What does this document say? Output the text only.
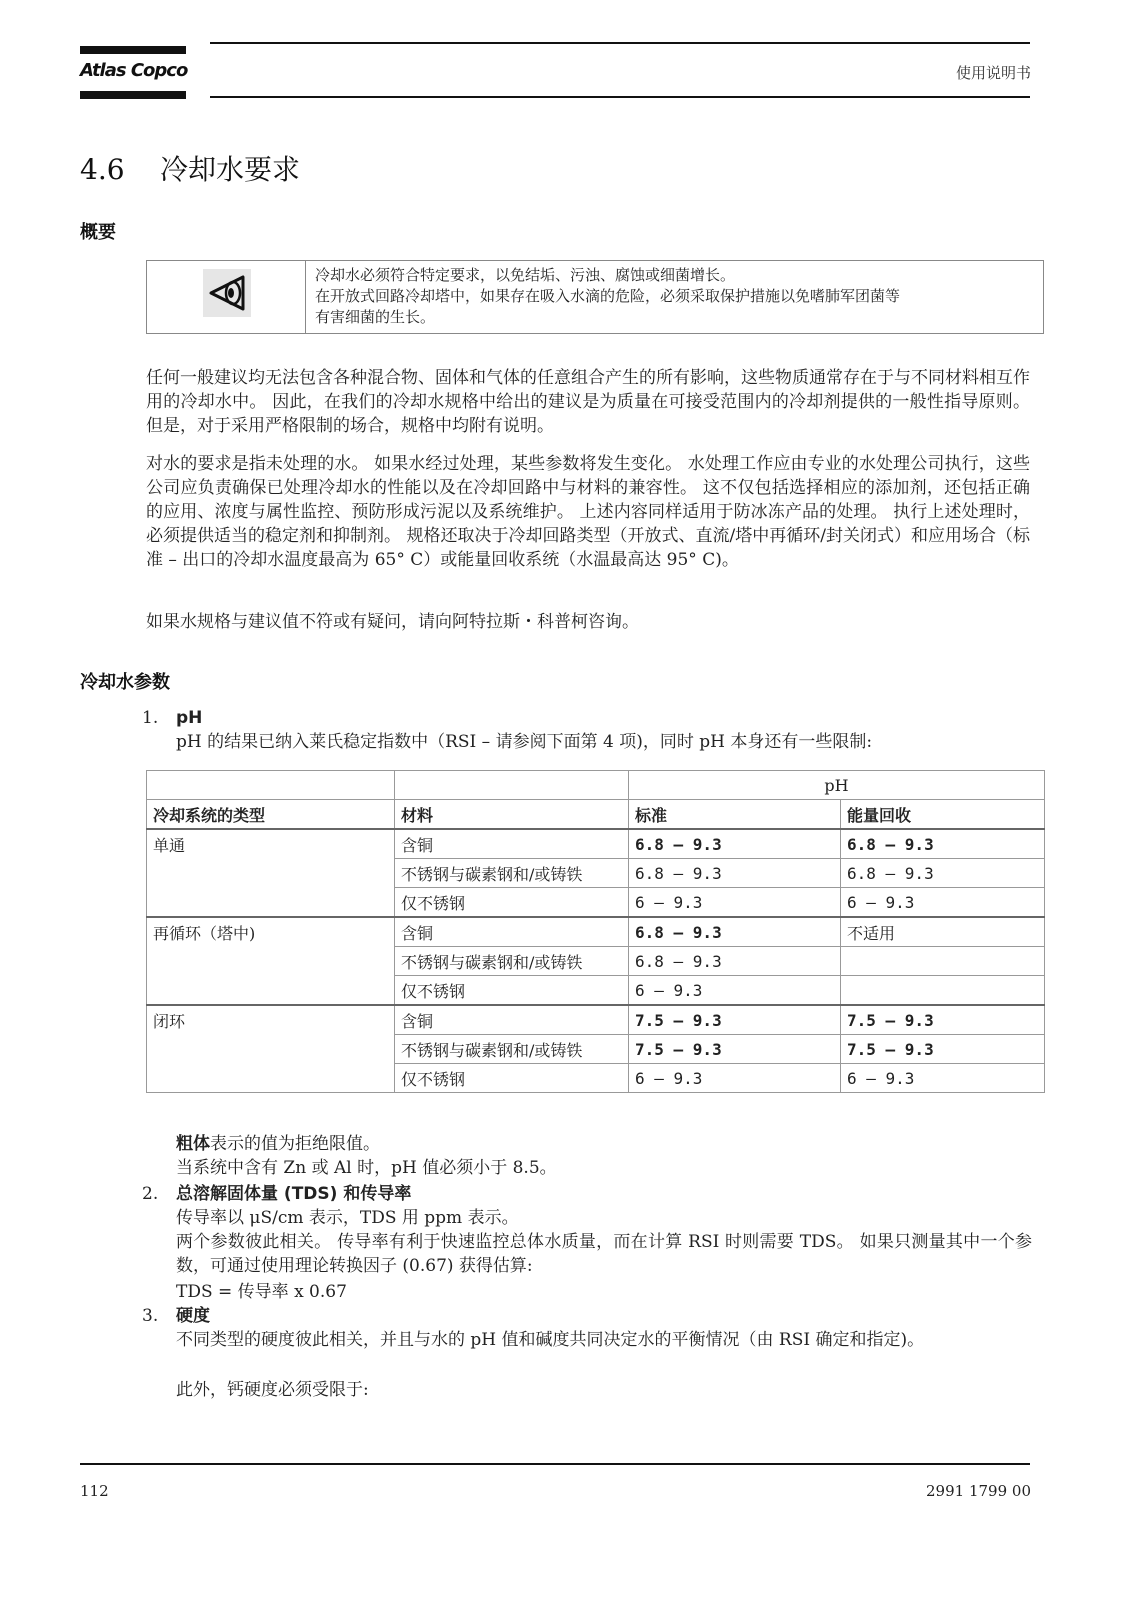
Atlas Copco	使用说明书
4.6 冷却水要求
概要
冷却水必须符合特定要求，以免结垢、污浊、腐蚀或细菌增长。
在开放式回路冷却塔中，如果存在吸入水滴的危险，必须采取保护措施以免嗜肺军团菌等
有害细菌的生长。

任何一般建议均无法包含各种混合物、固体和气体的任意组合产生的所有影响，这些物质通常存在于与不同材料相互作用的冷却水中。 因此，在我们的冷却水规格中给出的建议是为质量在可接受范围内的冷却剂提供的一般性指导原则。 但是，对于采用严格限制的场合，规格中均附有说明。

对水的要求是指未处理的水。 如果水经过处理，某些参数将发生变化。 水处理工作应由专业的水处理公司执行，这些公司应负责确保已处理冷却水的性能以及在冷却回路中与材料的兼容性。 这不仅包括选择相应的添加剂，还包括正确的应用、浓度与属性监控、预防形成污泥以及系统维护。 上述内容同样适用于防冰冻产品的处理。 执行上述处理时，必须提供适当的稳定剂和抑制剂。 规格还取决于冷却回路类型（开放式、直流/塔中再循环/封关闭式）和应用场合（标准 – 出口的冷却水温度最高为 65° C）或能量回收系统（水温最高达 95° C)。

如果水规格与建议值不符或有疑问，请向阿特拉斯・科普柯咨询。

冷却水参数
1. pH
pH 的结果已纳入莱氏稳定指数中（RSI – 请参阅下面第 4 项)，同时 pH 本身还有一些限制:
		pH	
冷却系统的类型	材料	标准	能量回收
单通	含铜	6.8 – 9.3	6.8 – 9.3
	不锈钢与碳素钢和/或铸铁	6.8 – 9.3	6.8 – 9.3
	仅不锈钢	6 – 9.3	6 – 9.3
再循环（塔中)	含铜	6.8 – 9.3	不适用
	不锈钢与碳素钢和/或铸铁	6.8 – 9.3	
	仅不锈钢	6 – 9.3	
闭环	含铜	7.5 – 9.3	7.5 – 9.3
	不锈钢与碳素钢和/或铸铁	7.5 – 9.3	7.5 – 9.3
	仅不锈钢	6 – 9.3	6 – 9.3
粗体表示的值为拒绝限值。
当系统中含有 Zn 或 Al 时，pH 值必须小于 8.5。
2. 总溶解固体量 (TDS) 和传导率
传导率以 μS/cm 表示，TDS 用 ppm 表示。
两个参数彼此相关。 传导率有利于快速监控总体水质量，而在计算 RSI 时则需要 TDS。 如果只测量其中一个参数，可通过使用理论转换因子 (0.67) 获得估算:
TDS = 传导率 x 0.67
3. 硬度
不同类型的硬度彼此相关，并且与水的 pH 值和碱度共同决定水的平衡情况（由 RSI 确定和指定)。
此外，钙硬度必须受限于:
112	2991 1799 00
